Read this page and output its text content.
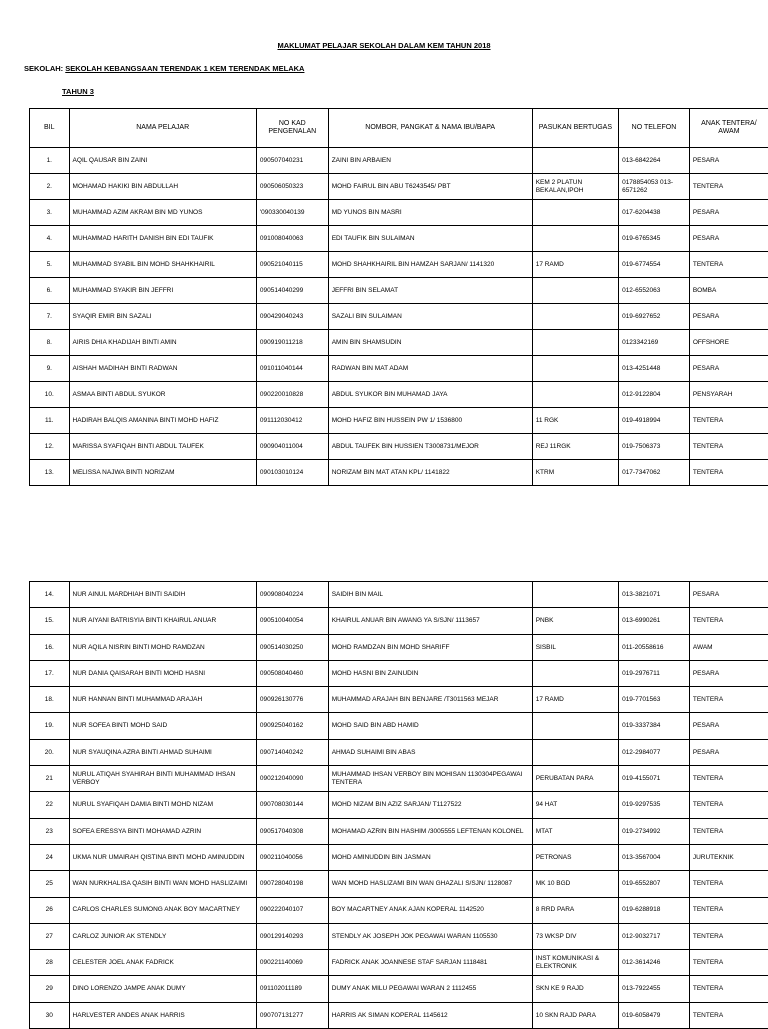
MAKLUMAT PELAJAR SEKOLAH DALAM KEM TAHUN 2018
SEKOLAH: SEKOLAH KEBANGSAAN TERENDAK 1 KEM TERENDAK MELAKA
TAHUN 3
BIL	NAMA PELAJAR	NO KAD PENGENALAN	NOMBOR, PANGKAT & NAMA IBU/BAPA	PASUKAN BERTUGAS	NO TELEFON	ANAK TENTERA/ AWAM
1.	AQIL QAUSAR BIN ZAINI	090507040231	ZAINI BIN ARBAIEN		013-6842264	PESARA
2.	MOHAMAD HAKIKI BIN ABDULLAH	090506050323	MOHD FAIRUL BIN ABU T6243545/ PBT	KEM 2 PLATUN BEKALAN,IPOH	0178854053 013-6571262	TENTERA
3.	MUHAMMAD AZIM AKRAM BIN MD YUNOS	'090330040139	MD YUNOS BIN MASRI		017-6204438	PESARA
4.	MUHAMMAD HARITH DANISH BIN EDI TAUFIK	091008040063	EDI TAUFIK BIN SULAIMAN		019-6765345	PESARA
5.	MUHAMMAD SYABIL BIN MOHD SHAHKHAIRIL	090521040115	MOHD SHAHKHAIRIL BIN HAMZAH SARJAN/ 1141320	17 RAMD	019-6774554	TENTERA
6.	MUHAMMAD SYAKIR BIN JEFFRI	090514040299	JEFFRI BIN SELAMAT		012-6552063	BOMBA
7.	SYAQIR EMIR BIN SAZALI	090429040243	SAZALI BIN SULAIMAN		019-6927652	PESARA
8.	AIRIS DHIA KHADIJAH BINTI AMIN	090919011218	AMIN BIN SHAMSUDIN		0123342169	OFFSHORE
9.	AISHAH MADIHAH BINTI RADWAN	091011040144	RADWAN BIN MAT ADAM		013-4251448	PESARA
10.	ASMAA BINTI ABDUL SYUKOR	090220010828	ABDUL SYUKOR BIN MUHAMAD JAYA		012-9122804	PENSYARAH
11.	HADIRAH BALQIS AMANINA BINTI MOHD HAFIZ	091112030412	MOHD HAFIZ BIN HUSSEIN PW 1/ 1536800	11 RGK	019-4918994	TENTERA
12.	MARISSA SYAFIQAH BINTI ABDUL TAUFEK	090904011004	ABDUL TAUFEK BIN HUSSIEN T3008731/MEJOR	REJ 11RGK	019-7506373	TENTERA
13.	MELISSA NAJWA BINTI NORIZAM	090103010124	NORIZAM BIN MAT ATAN KPL/ 1141822	KTRM	017-7347062	TENTERA
14.	NUR AINUL MARDHIAH BINTI SAIDIH	090908040224	SAIDIH BIN MAIL		013-3821071	PESARA
15.	NUR AIYANI BATRISYIA BINTI KHAIRUL ANUAR	090510040054	KHAIRUL ANUAR BIN AWANG YA S/SJN/ 1113657	PNBK	013-6990261	TENTERA
16.	NUR AQILA NISRIN BINTI MOHD RAMDZAN	090514030250	MOHD RAMDZAN BIN MOHD SHARIFF	SISBIL	011-20558616	AWAM
17.	NUR DANIA QAISARAH BINTI MOHD HASNI	090508040460	MOHD HASNI BIN ZAINUDIN		019-2976711	PESARA
18.	NUR HANNAN BINTI MUHAMMAD ARAJAH	090926130776	MUHAMMAD ARAJAH BIN BENJARE /T3011563 MEJAR	17 RAMD	019-7701563	TENTERA
19.	NUR SOFEA BINTI MOHD SAID	090925040162	MOHD SAID BIN ABD HAMID		019-3337384	PESARA
20.	NUR SYAUQINA AZRA BINTI AHMAD SUHAIMI	090714040242	AHMAD SUHAIMI BIN ABAS		012-2984077	PESARA
21	NURUL ATIQAH SYAHIRAH BINTI MUHAMMAD IHSAN VERBOY	090212040090	MUHAMMAD IHSAN VERBOY BIN MOHISAN 1130304PEGAWAI TENTERA	PERUBATAN PARA	019-4155071	TENTERA
22	NURUL SYAFIQAH DAMIA BINTI MOHD NIZAM	090708030144	MOHD NIZAM BIN AZIZ SARJAN/ T1127522	94 HAT	019-9297535	TENTERA
23	SOFEA ERESSYA BINTI MOHAMAD AZRIN	090517040308	MOHAMAD AZRIN BIN HASHIM /3005555 LEFTENAN KOLONEL	MTAT	019-2734992	TENTERA
24	UKMA NUR UMAIRAH QISTINA BINTI MOHD AMINUDDIN	090211040056	MOHD AMINUDDIN BIN JASMAN	PETRONAS	013-3567004	JURUTEKNIK
25	WAN NURKHALISA QASIH BINTI WAN MOHD HASLIZAIMI	090728040198	WAN MOHD HASLIZAMI BIN WAN GHAZALI S/SJN/ 1128087	MK 10 BGD	019-6552807	TENTERA
26	CARLOS CHARLES SUMONG ANAK BOY MACARTNEY	090222040107	BOY MACARTNEY ANAK AJAN KOPERAL 1142520	8 RRD PARA	019-6288918	TENTERA
27	CARLOZ JUNIOR AK STENDLY	090129140293	STENDLY AK JOSEPH JOK PEGAWAI WARAN 1105530	73 WKSP DIV	012-9032717	TENTERA
28	CELESTER JOEL ANAK FADRICK	090221140069	FADRICK ANAK JOANNESE STAF SARJAN 1118481	INST KOMUNIKASI & ELEKTRONIK	012-3614246	TENTERA
29	DINO LORENZO JAMPE ANAK DUMY	091102011189	DUMY ANAK MILU PEGAWAI WARAN 2 1112455	SKN KE 9 RAJD	013-7922455	TENTERA
30	HARLVESTER ANDES ANAK HARRIS	090707131277	HARRIS AK SIMAN KOPERAL 1145612	10 SKN RAJD PARA	019-6058479	TENTERA
